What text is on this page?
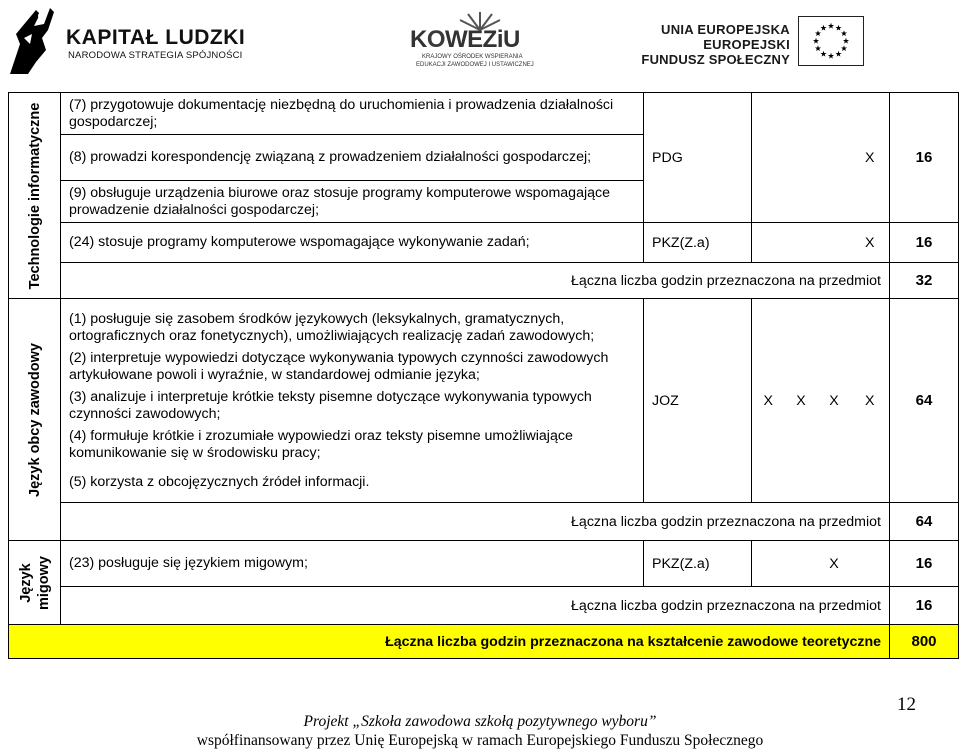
KAPITAŁ LUDZKI
NARODOWA STRATEGIA SPÓJNOŚCI
KOWEZiU
KRAJOWY OŚRODEK WSPIERANIA
EDUKACJI ZAWODOWEJ I USTAWICZNEJ
UNIA EUROPEJSKA
EUROPEJSKI
FUNDUSZ SPOŁECZNY
Technologie informatyczne	(7) przygotowuje dokumentację niezbędną do uruchomienia i prowadzenia działalności gospodarczej;	PDG				X	16

	(8) prowadzi korespondencję związaną z prowadzeniem działalności gospodarczej;						

	(9) obsługuje urządzenia biurowe oraz stosuje programy komputerowe wspomagające prowadzenie działalności gospodarczej;						

	(24) stosuje programy komputerowe wspomagające wykonywanie zadań;	PKZ(Z.a)				X	16
	Łączna liczba godzin przeznaczona na przedmiot						32

Język obcy zawodowy	(1) posługuje się zasobem środków językowych (leksykalnych, gramatycznych, ortograficznych oraz fonetycznych), umożliwiających realizację zadań zawodowych;

(2) interpretuje wypowiedzi dotyczące wykonywania typowych czynności zawodowych artykułowane powoli i wyraźnie, w standardowej odmianie języka;

(3) analizuje i interpretuje krótkie teksty pisemne dotyczące wykonywania typowych czynności zawodowych;

(4) formułuje krótkie i zrozumiałe wypowiedzi oraz teksty pisemne umożliwiające komunikowanie się w środowisku pracy;

(5) korzysta z obcojęzycznych źródeł informacji.	JOZ	X	X	X	X	64
	Łączna liczba godzin przeznaczona na przedmiot						64

Język migowy	(23) posługuje się językiem migowym;	PKZ(Z.a)			X		16
	Łączna liczba godzin przeznaczona na przedmiot						16
Łączna liczba godzin przeznaczona na kształcenie zawodowe teoretyczne							800
12
Projekt „Szkoła zawodowa szkołą pozytywnego wyboru”
współfinansowany przez Unię Europejską w ramach Europejskiego Funduszu Społecznego
